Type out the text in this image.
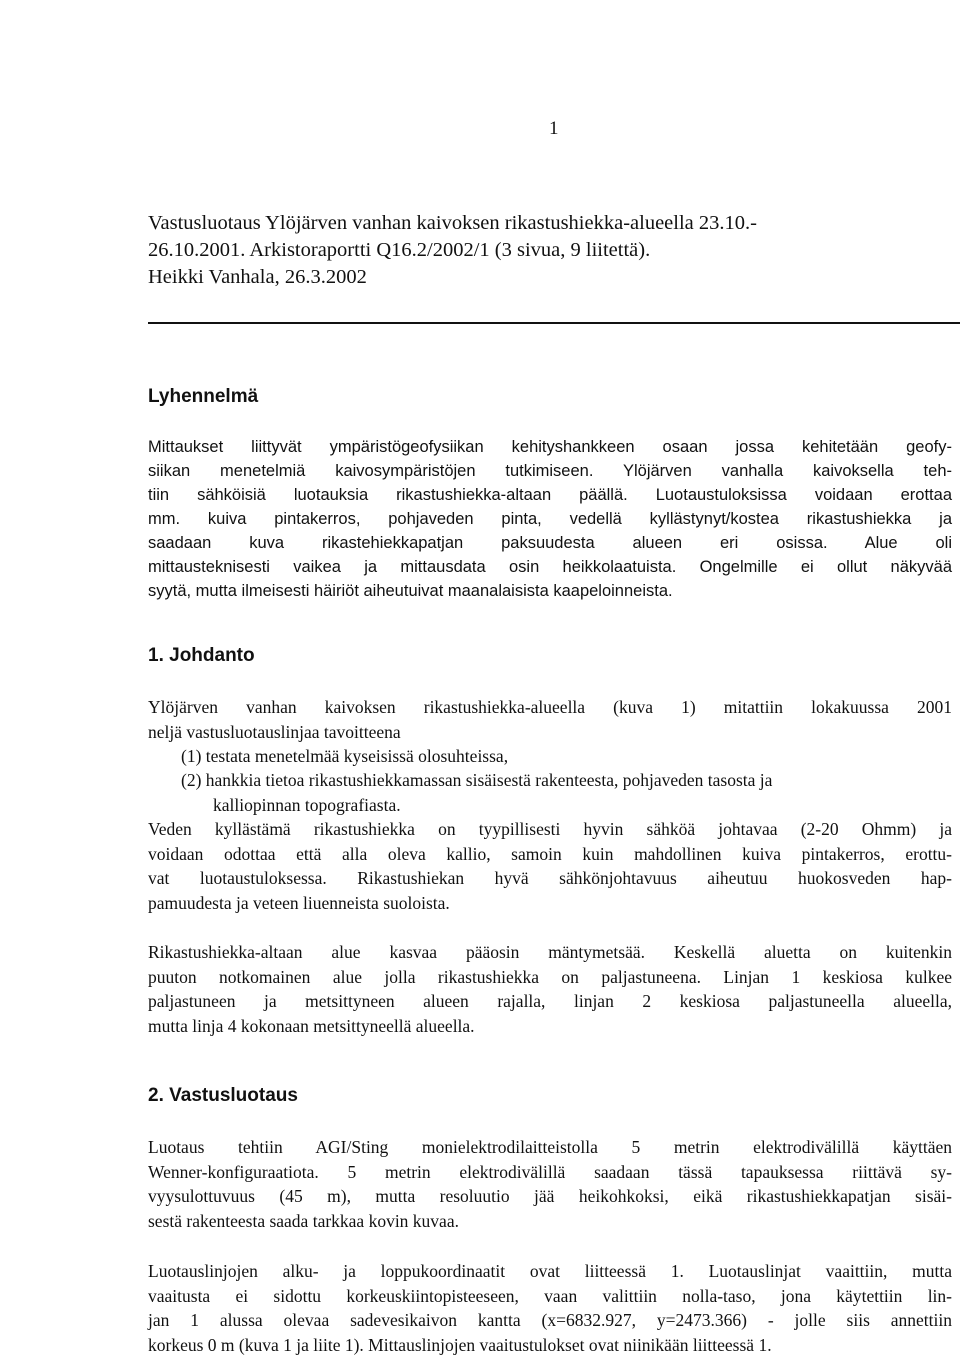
1
Vastusluotaus Ylöjärven vanhan kaivoksen rikastushiekka-alueella 23.10.-
26.10.2001. Arkistoraportti Q16.2/2002/1 (3 sivua, 9 liitettä).
Heikki Vanhala, 26.3.2002
Lyhennelmä
Mittaukset liittyvät ympäristögeofysiikan kehityshankkeen osaan jossa kehitetään geofy-
siikan menetelmiä kaivosympäristöjen tutkimiseen. Ylöjärven vanhalla kaivoksella teh-
tiin sähköisiä luotauksia rikastushiekka-altaan päällä. Luotaustuloksissa voidaan erottaa
mm. kuiva pintakerros, pohjaveden pinta, vedellä kyllästynyt/kostea rikastushiekka ja
saadaan kuva rikastehiekkapatjan paksuudesta alueen eri osissa. Alue oli
mittausteknisesti vaikea ja mittausdata osin heikkolaatuista. Ongelmille ei ollut näkyvää
syytä, mutta ilmeisesti häiriöt aiheutuivat maanalaisista kaapeloinneista.
1. Johdanto
Ylöjärven vanhan kaivoksen rikastushiekka-alueella (kuva 1) mitattiin lokakuussa 2001
neljä vastusluotauslinjaa tavoitteena
(1) testata menetelmää kyseisissä olosuhteissa,
(2) hankkia tietoa rikastushiekkamassan sisäisestä rakenteesta, pohjaveden tasosta ja
kalliopinnan topografiasta.
Veden kyllästämä rikastushiekka on tyypillisesti hyvin sähköä johtavaa (2-20 Ohmm) ja
voidaan odottaa että alla oleva kallio, samoin kuin mahdollinen kuiva pintakerros, erottu-
vat luotaustuloksessa. Rikastushiekan hyvä sähkönjohtavuus aiheutuu huokosveden hap-
pamuudesta ja veteen liuenneista suoloista.
Rikastushiekka-altaan alue kasvaa pääosin mäntymetsää. Keskellä aluetta on kuitenkin
puuton notkomainen alue jolla rikastushiekka on paljastuneena. Linjan 1 keskiosa kulkee
paljastuneen ja metsittyneen alueen rajalla, linjan 2 keskiosa paljastuneella alueella,
mutta linja 4 kokonaan metsittyneellä alueella.
2. Vastusluotaus
Luotaus tehtiin AGI/Sting monielektrodilaitteistolla 5 metrin elektrodivälillä käyttäen
Wenner-konfiguraatiota. 5 metrin elektrodivälillä saadaan tässä tapauksessa riittävä sy-
vyysulottuvuus (45 m), mutta resoluutio jää heikohkoksi, eikä rikastushiekkapatjan sisäi-
sestä rakenteesta saada tarkkaa kovin kuvaa.
Luotauslinjojen alku- ja loppukoordinaatit ovat liitteessä 1. Luotauslinjat vaaittiin, mutta
vaaitusta ei sidottu korkeuskiintopisteeseen, vaan valittiin nolla-taso, jona käytettiin lin-
jan 1 alussa olevaa sadevesikaivon kantta (x=6832.927, y=2473.366) - jolle siis annettiin
korkeus 0 m (kuva 1 ja liite 1). Mittauslinjojen vaaitustulokset ovat niinikään liitteessä 1.
